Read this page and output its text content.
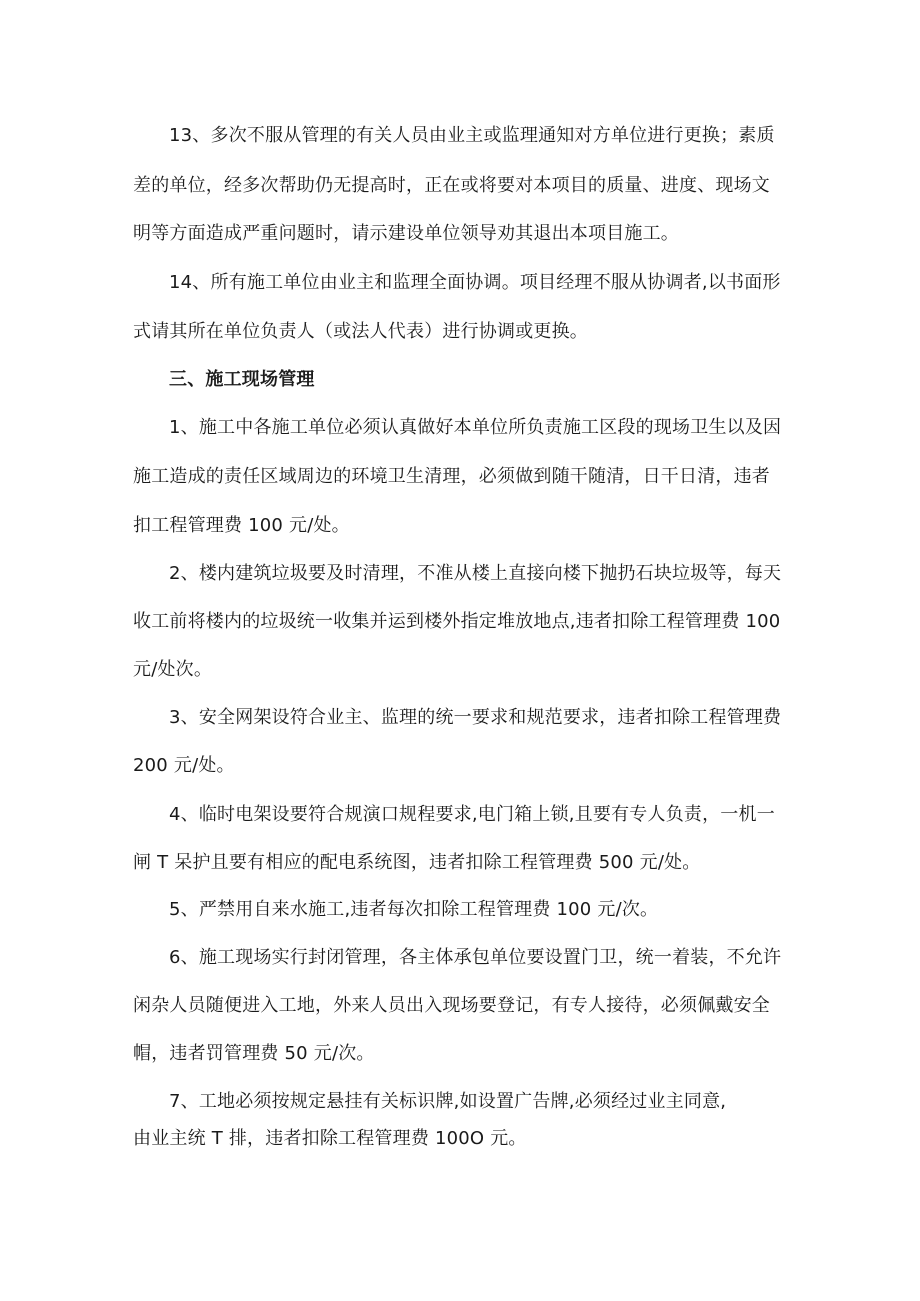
13、多次不服从管理的有关人员由业主或监理通知对方单位进行更换；素质
差的单位，经多次帮助仍无提高时，正在或将要对本项目的质量、进度、现场文
明等方面造成严重问题时，请示建设单位领导劝其退出本项目施工。
14、所有施工单位由业主和监理全面协调。项目经理不服从协调者,以书面形
式请其所在单位负责人（或法人代表）进行协调或更换。
三、施工现场管理
1、施工中各施工单位必须认真做好本单位所负责施工区段的现场卫生以及因
施工造成的责任区域周边的环境卫生清理，必须做到随干随清，日干日清，违者
扣工程管理费 100 元/处。
2、楼内建筑垃圾要及时清理，不准从楼上直接向楼下抛扔石块垃圾等，每天
收工前将楼内的垃圾统一收集并运到楼外指定堆放地点,违者扣除工程管理费 100
元/处次。
3、安全网架设符合业主、监理的统一要求和规范要求，违者扣除工程管理费
200 元/处。
4、临时电架设要符合规演口规程要求,电门箱上锁,且要有专人负责，一机一
闸 T 呆护且要有相应的配电系统图，违者扣除工程管理费 500 元/处。
5、严禁用自来水施工,违者每次扣除工程管理费 100 元/次。
6、施工现场实行封闭管理，各主体承包单位要设置门卫，统一着装，不允许
闲杂人员随便进入工地，外来人员出入现场要登记，有专人接待，必须佩戴安全
帽，违者罚管理费 50 元/次。
7、工地必须按规定悬挂有关标识牌,如设置广告牌,必须经过业主同意,
由业主统 T 排，违者扣除工程管理费 100O 元。
